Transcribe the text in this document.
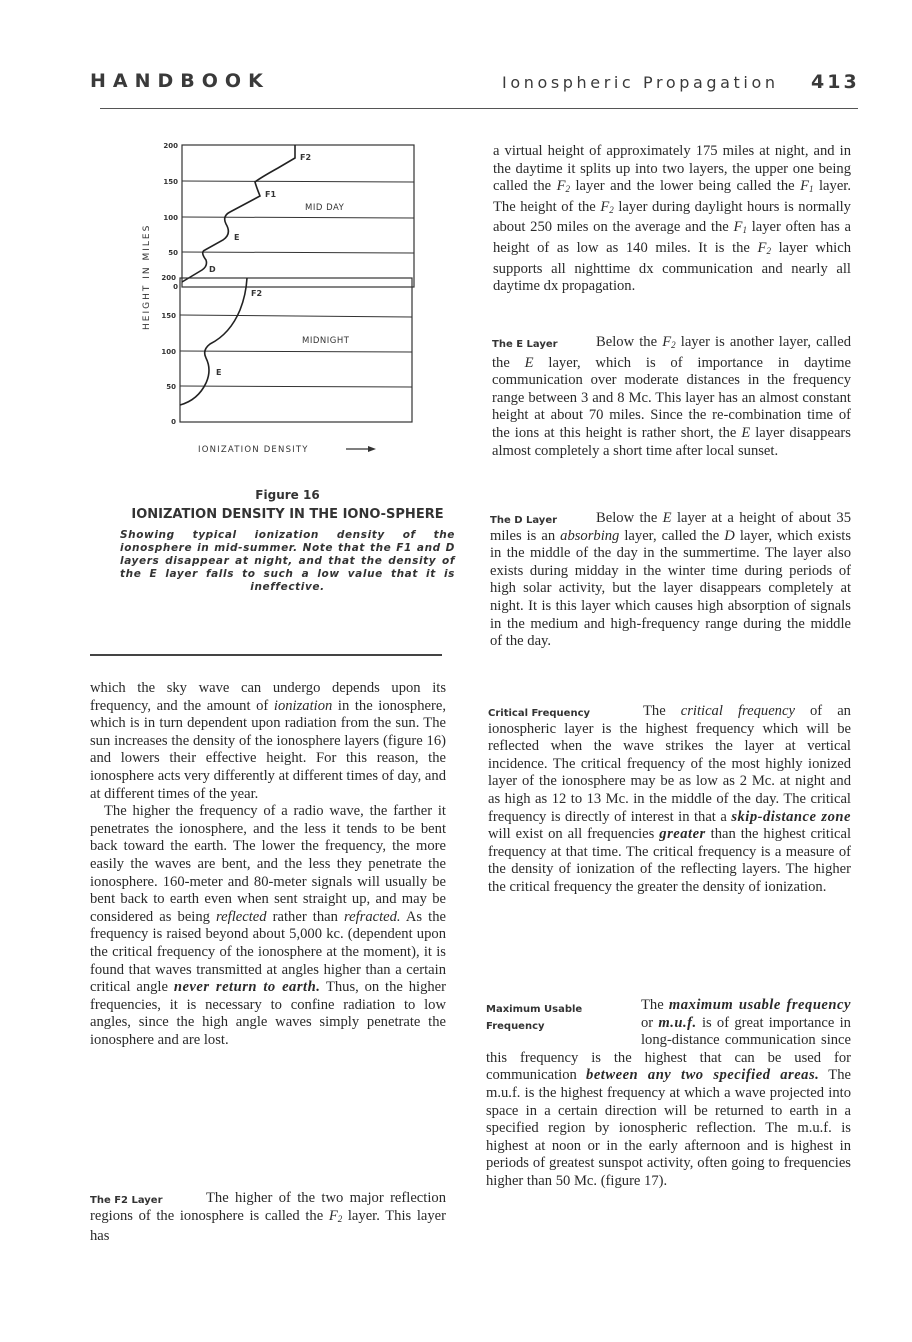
HANDBOOK	Ionospheric Propagation 413
200
150
100
50
0
F2
F1
E
D
MID DAY
200
150
100
50
0
F2
E
MIDNIGHT
HEIGHT IN MILES
IONIZATION DENSITY
Figure 16
IONIZATION DENSITY IN THE IONO-SPHERE
Showing typical ionization density of the ionosphere in mid-summer. Note that the F1 and D layers disappear at night, and that the density of the E layer falls to such a low value that it is ineffective.

which the sky wave can undergo depends upon its frequency, and the amount of ionization in the ionosphere, which is in turn dependent upon radiation from the sun. The sun increases the density of the ionosphere layers (figure 16) and lowers their effective height. For this reason, the ionosphere acts very differently at different times of day, and at different times of the year.

The higher the frequency of a radio wave, the farther it penetrates the ionosphere, and the less it tends to be bent back toward the earth. The lower the frequency, the more easily the waves are bent, and the less they penetrate the ionosphere. 160-meter and 80-meter signals will usually be bent back to earth even when sent straight up, and may be considered as being reflected rather than refracted. As the frequency is raised beyond about 5,000 kc. (dependent upon the critical frequency of the ionosphere at the moment), it is found that waves transmitted at angles higher than a certain critical angle never return to earth. Thus, on the higher frequencies, it is necessary to confine radiation to low angles, since the high angle waves simply penetrate the ionosphere and are lost.

The F2 Layer	The higher of the two major reflection regions of the ionosphere is called the $F_2$ layer. This layer has

a virtual height of approximately 175 miles at night, and in the daytime it splits up into two layers, the upper one being called the $F_2$ layer and the lower being called the $F_1$ layer. The height of the $F_2$ layer during daylight hours is normally about 250 miles on the average and the $F_1$ layer often has a height of as low as 140 miles. It is the $F_2$ layer which supports all nighttime dx communication and nearly all daytime dx propagation.

The E Layer	Below the $F_2$ layer is another layer, called the E layer, which is of importance in daytime communication over moderate distances in the frequency range between 3 and 8 Mc. This layer has an almost constant height at about 70 miles. Since the re-combination time of the ions at this height is rather short, the E layer disappears almost completely a short time after local sunset.

The D Layer	Below the E layer at a height of about 35 miles is an absorbing layer, called the D layer, which exists in the middle of the day in the summertime. The layer also exists during midday in the winter time during periods of high solar activity, but the layer disappears completely at night. It is this layer which causes high absorption of signals in the medium and high-frequency range during the middle of the day.

Critical Frequency	The critical frequency of an ionospheric layer is the highest frequency which will be reflected when the wave strikes the layer at vertical incidence. The critical frequency of the most highly ionized layer of the ionosphere may be as low as 2 Mc. at night and as high as 12 to 13 Mc. in the middle of the day. The critical frequency is directly of interest in that a skip-distance zone will exist on all frequencies greater than the highest critical frequency at that time. The critical frequency is a measure of the density of ionization of the reflecting layers. The higher the critical frequency the greater the density of ionization.

Maximum Usable
Frequency

The maximum usable frequency or m.u.f. is of great importance in long-distance communication since this frequency is the highest that can be used for communication between any two specified areas. The m.u.f. is the highest frequency at which a wave projected into space in a certain direction will be returned to earth in a specified region by ionospheric reflection. The m.u.f. is highest at noon or in the early afternoon and is highest in periods of greatest sunspot activity, often going to frequencies higher than 50 Mc. (figure 17).
